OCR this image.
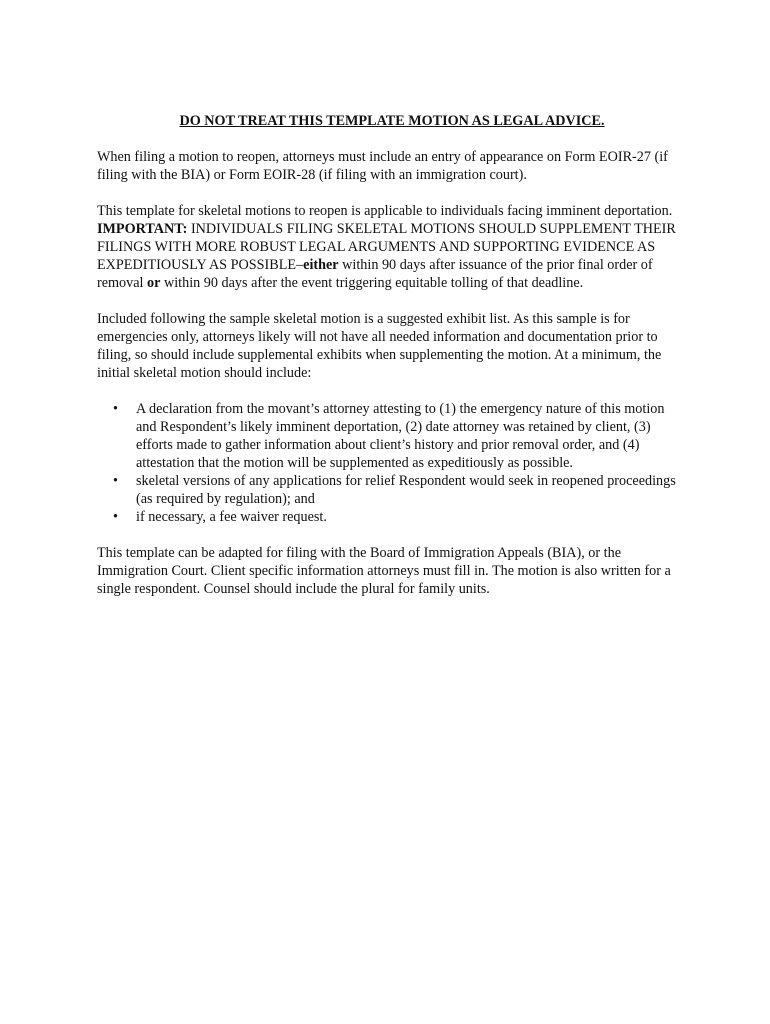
DO NOT TREAT THIS TEMPLATE MOTION AS LEGAL ADVICE.

When filing a motion to reopen, attorneys must include an entry of appearance on Form EOIR-27 (if filing with the BIA) or Form EOIR-28 (if filing with an immigration court).

This template for skeletal motions to reopen is applicable to individuals facing imminent deportation. IMPORTANT: INDIVIDUALS FILING SKELETAL MOTIONS SHOULD SUPPLEMENT THEIR FILINGS WITH MORE ROBUST LEGAL ARGUMENTS AND SUPPORTING EVIDENCE AS EXPEDITIOUSLY AS POSSIBLE–either within 90 days after issuance of the prior final order of removal or within 90 days after the event triggering equitable tolling of that deadline.

Included following the sample skeletal motion is a suggested exhibit list. As this sample is for emergencies only, attorneys likely will not have all needed information and documentation prior to filing, so should include supplemental exhibits when supplementing the motion. At a minimum, the initial skeletal motion should include:

• A declaration from the movant’s attorney attesting to (1) the emergency nature of this motion and Respondent’s likely imminent deportation, (2) date attorney was retained by client, (3) efforts made to gather information about client’s history and prior removal order, and (4) attestation that the motion will be supplemented as expeditiously as possible.
• skeletal versions of any applications for relief Respondent would seek in reopened proceedings (as required by regulation); and
• if necessary, a fee waiver request.

This template can be adapted for filing with the Board of Immigration Appeals (BIA), or the Immigration Court. Client specific information attorneys must fill in. The motion is also written for a single respondent. Counsel should include the plural for family units.
